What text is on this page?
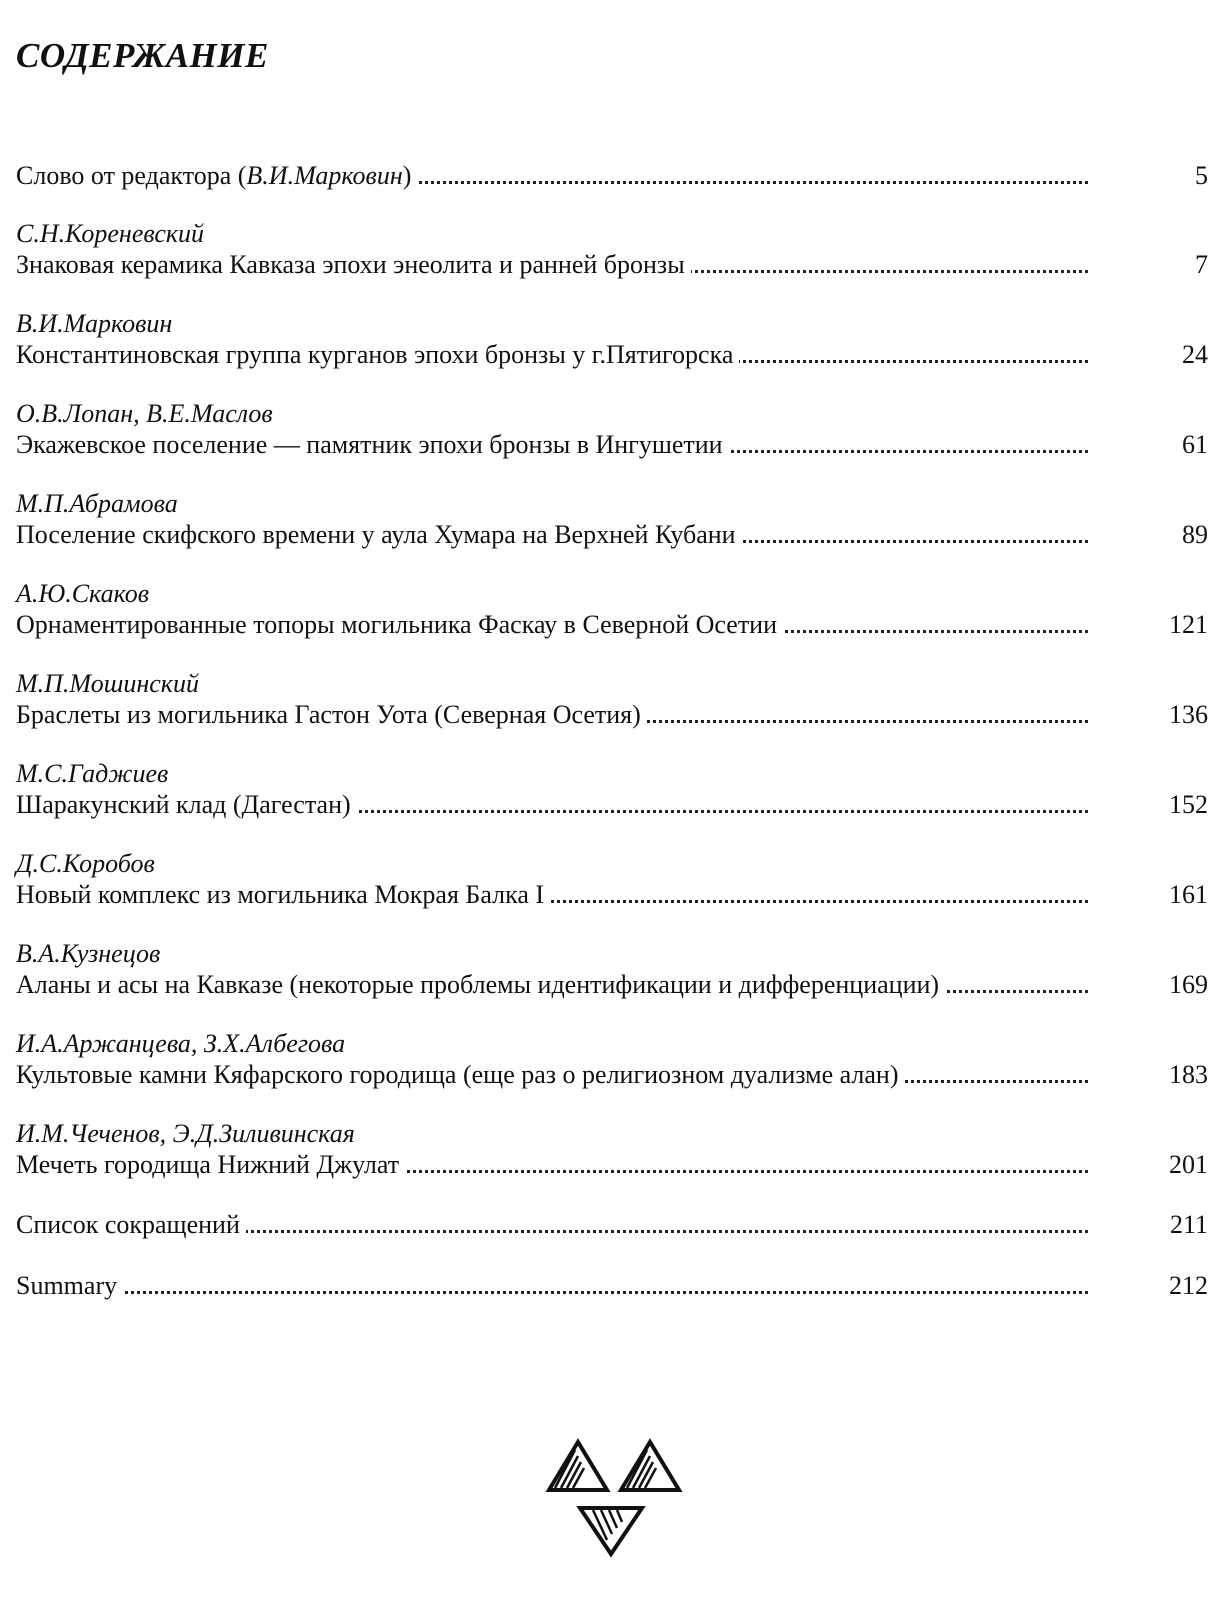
СОДЕРЖАНИЕ
Слово от редактора (В.И.Марковин)	5
С.Н.Кореневский
Знаковая керамика Кавказа эпохи энеолита и ранней бронзы	7
В.И.Марковин
Константиновская группа курганов эпохи бронзы у г.Пятигорска	24
О.В.Лопан, В.Е.Маслов
Экажевское поселение — памятник эпохи бронзы в Ингушетии	61
М.П.Абрамова
Поселение скифского времени у аула Хумара на Верхней Кубани	89
А.Ю.Скаков
Орнаментированные топоры могильника Фаскау в Северной Осетии	121
М.П.Мошинский
Браслеты из могильника Гастон Уота (Северная Осетия)	136
М.С.Гаджиев
Шаракунский клад (Дагестан)	152
Д.С.Коробов
Новый комплекс из могильника Мокрая Балка I	161
В.А.Кузнецов
Аланы и асы на Кавказе (некоторые проблемы идентификации и дифференциации)	169
И.А.Аржанцева, З.Х.Албегова
Культовые камни Кяфарского городища (еще раз о религиозном дуализме алан)	183
И.М.Чеченов, Э.Д.Зиливинская
Мечеть городища Нижний Джулат	201
Список сокращений	211
Summary	212
